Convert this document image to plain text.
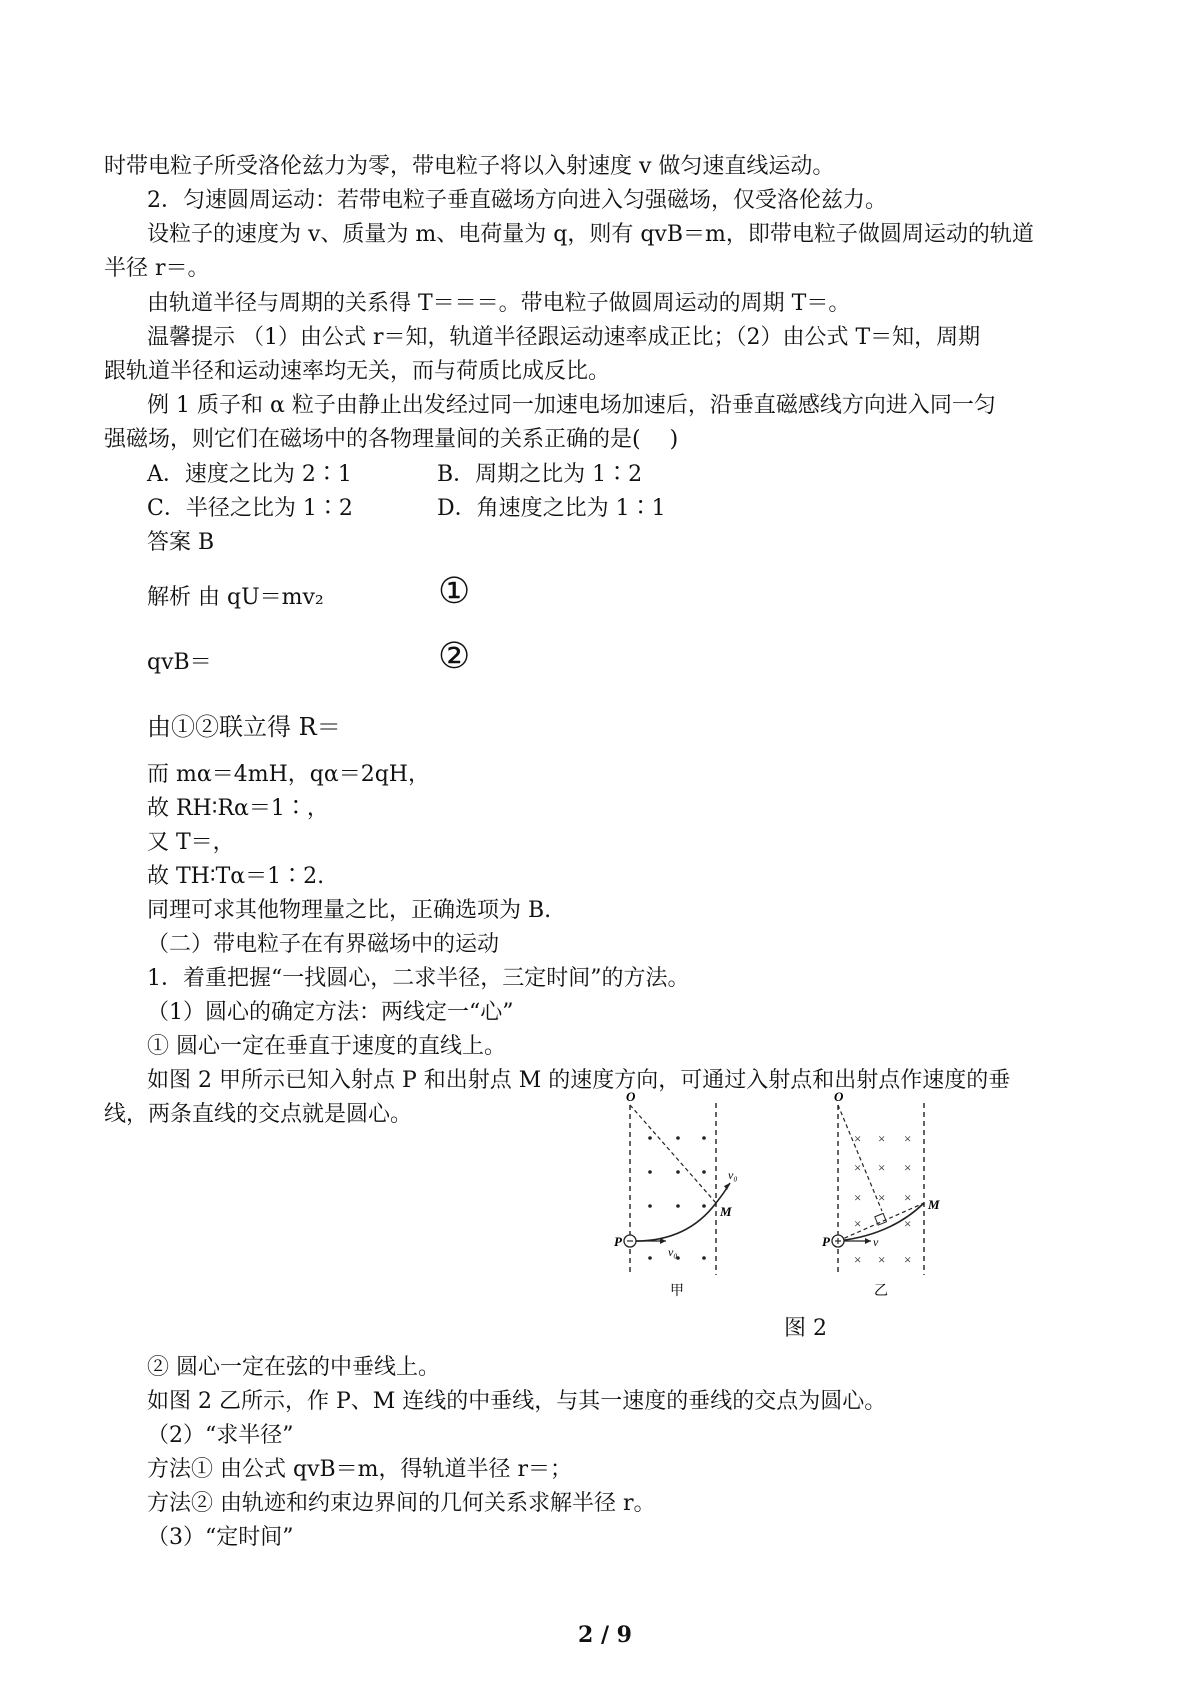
时带电粒子所受洛伦兹力为零，带电粒子将以入射速度 v 做匀速直线运动。
2．匀速圆周运动：若带电粒子垂直磁场方向进入匀强磁场，仅受洛伦兹力。
设粒子的速度为 v、质量为 m、电荷量为 q，则有 qvB＝m，即带电粒子做圆周运动的轨道
半径 r＝。
由轨道半径与周期的关系得 T＝＝＝。带电粒子做圆周运动的周期 T＝。
温馨提示 （1）由公式 r＝知，轨道半径跟运动速率成正比；（2）由公式 T＝知，周期
跟轨道半径和运动速率均无关，而与荷质比成反比。
例 1 质子和 α 粒子由静止出发经过同一加速电场加速后，沿垂直磁感线方向进入同一匀
强磁场，则它们在磁场中的各物理量间的关系正确的是(　 )
A．速度之比为 2∶1	B．周期之比为 1∶2
C．半径之比为 1∶2	D．角速度之比为 1∶1
答案 B
解析 由 qU＝mv₂	①
qvB＝	②
由①②联立得 R＝
而 mα＝4mH，qα＝2qH，
故 RH∶Rα＝1∶，
又 T＝，
故 TH∶Tα＝1∶2.
同理可求其他物理量之比，正确选项为 B.
（二）带电粒子在有界磁场中的运动
1．着重把握“一找圆心，二求半径，三定时间”的方法。
（1）圆心的确定方法：两线定一“心”
① 圆心一定在垂直于速度的直线上。
如图 2 甲所示已知入射点 P 和出射点 M 的速度方向，可通过入射点和出射点作速度的垂
线，两条直线的交点就是圆心。
O
P
M
v₀
v₀
甲
× × ×
× × ×
× × ×
×	×
× × ×
O
P
M
v
乙
图 2
② 圆心一定在弦的中垂线上。
如图 2 乙所示，作 P、M 连线的中垂线，与其一速度的垂线的交点为圆心。
（2）“求半径”
方法① 由公式 qvB＝m，得轨道半径 r＝；
方法② 由轨迹和约束边界间的几何关系求解半径 r。
（3）“定时间”
2 / 9
